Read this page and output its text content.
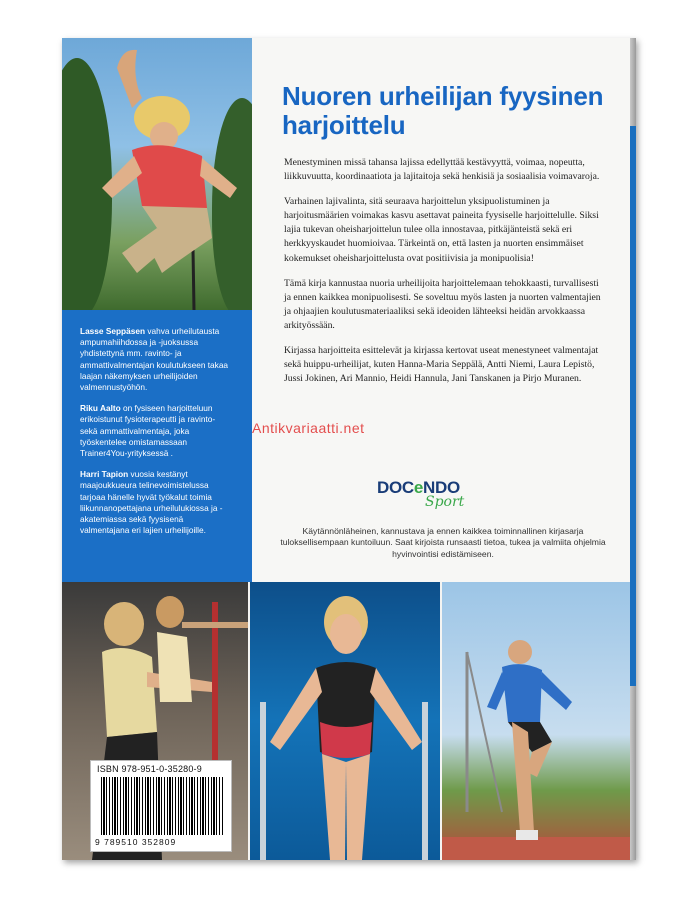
Lasse Seppäsen vahva urheilutausta ampumahiihdossa ja -juoksussa yhdistettynä mm. ravinto- ja ammattivalmentajan koulutukseen takaa laajan näkemyksen urheilijoiden valmennustyöhön.

Riku Aalto on fysiseen harjoitteluun erikoistunut fysioterapeutti ja ravinto- sekä ammattivalmentaja, joka työskentelee omistamassaan Trainer4You-yrityksessä .

Harri Tapion vuosia kestänyt maajoukkueura telinevoimistelussa tarjoaa hänelle hyvät työkalut toimia liikunnanopettajana urheilulukiossa ja -akatemiassa sekä fyysisenä valmentajana eri lajien urheilijoille.

Nuoren urheilijan fyysinen harjoittelu

Menestyminen missä tahansa lajissa edellyttää kestävyyttä, voimaa, nopeutta, liikkuvuutta, koordinaatiota ja lajitaitoja sekä henkisiä ja sosiaalisia voimavaroja.

Varhainen lajivalinta, sitä seuraava harjoittelun yksipuolistuminen ja harjoitusmäärien voimakas kasvu asettavat paineita fyysiselle harjoittelulle. Siksi lajia tukevan oheisharjoittelun tulee olla innostavaa, pitkäjänteistä sekä eri herkkyyskaudet huomioivaa. Tärkeintä on, että lasten ja nuorten ensimmäiset kokemukset oheisharjoittelusta ovat positiivisia ja monipuolisia!

Tämä kirja kannustaa nuoria urheilijoita harjoittelemaan tehokkaasti, turvallisesti ja ennen kaikkea monipuolisesti. Se soveltuu myös lasten ja nuorten valmentajien ja ohjaajien koulutusmateriaaliksi sekä ideoiden lähteeksi heidän arvokkaassa arkityössään.

Kirjassa harjoitteita esittelevät ja kirjassa kertovat useat menestyneet valmentajat sekä huippu-urheilijat, kuten Hanna-Maria Seppälä, Antti Niemi, Laura Lepistö, Jussi Jokinen, Ari Mannio, Heidi Hannula, Jani Tanskanen ja Pirjo Muranen.

DOCeNDO
Sport
Käytännönläheinen, kannustava ja ennen kaikkea toiminnallinen kirjasarja tuloksellisempaan kuntoiluun. Saat kirjoista runsaasti tietoa, tukea ja valmiita ohjelmia hyvinvointisi edistämiseen.
Antikvariaatti.net
ISBN 978-951-0-35280-9
9 789510 352809
